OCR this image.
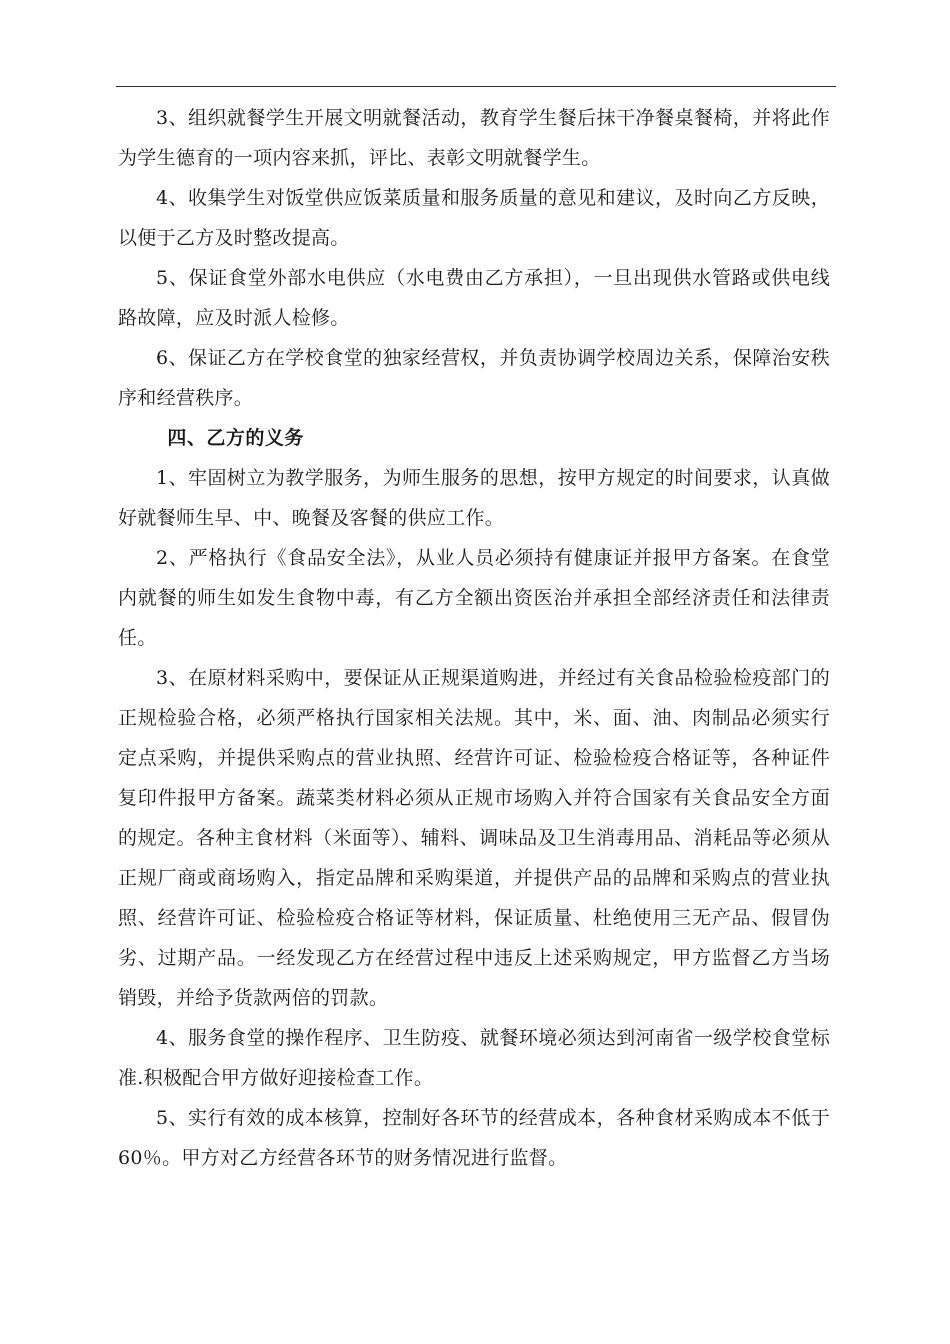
3、组织就餐学生开展文明就餐活动，教育学生餐后抹干净餐桌餐椅，并将此作为学生德育的一项内容来抓，评比、表彰文明就餐学生。

4、收集学生对饭堂供应饭菜质量和服务质量的意见和建议，及时向乙方反映，以便于乙方及时整改提高。

5、保证食堂外部水电供应（水电费由乙方承担），一旦出现供水管路或供电线路故障，应及时派人检修。

6、保证乙方在学校食堂的独家经营权，并负责协调学校周边关系，保障治安秩序和经营秩序。

四、乙方的义务

1、牢固树立为教学服务，为师生服务的思想，按甲方规定的时间要求，认真做好就餐师生早、中、晚餐及客餐的供应工作。

2、严格执行《食品安全法》，从业人员必须持有健康证并报甲方备案。在食堂内就餐的师生如发生食物中毒，有乙方全额出资医治并承担全部经济责任和法律责任。

3、在原材料采购中，要保证从正规渠道购进，并经过有关食品检验检疫部门的正规检验合格，必须严格执行国家相关法规。其中，米、面、油、肉制品必须实行定点采购，并提供采购点的营业执照、经营许可证、检验检疫合格证等，各种证件复印件报甲方备案。蔬菜类材料必须从正规市场购入并符合国家有关食品安全方面的规定。各种主食材料（米面等）、辅料、调味品及卫生消毒用品、消耗品等必须从正规厂商或商场购入，指定品牌和采购渠道，并提供产品的品牌和采购点的营业执照、经营许可证、检验检疫合格证等材料，保证质量、杜绝使用三无产品、假冒伪劣、过期产品。一经发现乙方在经营过程中违反上述采购规定，甲方监督乙方当场销毁，并给予货款两倍的罚款。

4、服务食堂的操作程序、卫生防疫、就餐环境必须达到河南省一级学校食堂标准.积极配合甲方做好迎接检查工作。

5、实行有效的成本核算，控制好各环节的经营成本，各种食材采购成本不低于 60％。甲方对乙方经营各环节的财务情况进行监督。
